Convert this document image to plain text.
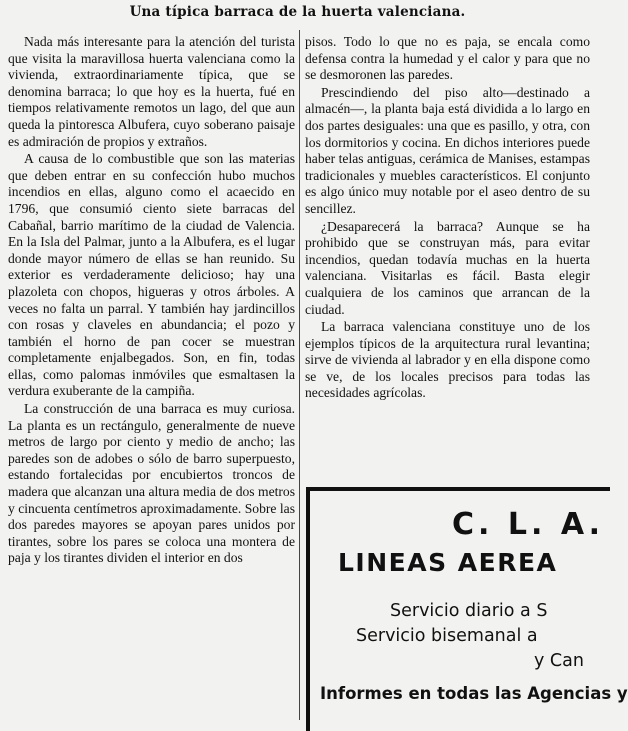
Una típica barraca de la huerta valenciana.

Nada más interesante para la atención del turista que visita la maravillosa huerta valenciana como la vivienda, extraordinariamente típica, que se denomina barraca; lo que hoy es la huerta, fué en tiempos relativamente remotos un lago, del que aun queda la pintoresca Albufera, cuyo soberano paisaje es admiración de propios y extraños.

A causa de lo combustible que son las materias que deben entrar en su confección hubo muchos incendios en ellas, alguno como el acaecido en 1796, que consumió ciento siete barracas del Cabañal, barrio marítimo de la ciudad de Valencia. En la Isla del Palmar, junto a la Albufera, es el lugar donde mayor número de ellas se han reunido. Su exterior es verdaderamente delicioso; hay una plazoleta con chopos, higueras y otros árboles. A veces no falta un parral. Y también hay jardincillos con rosas y claveles en abundancia; el pozo y también el horno de pan cocer se muestran completamente enjalbegados. Son, en fin, todas ellas, como palomas inmóviles que esmaltasen la verdura exuberante de la campiña.

La construcción de una barraca es muy curiosa. La planta es un rectángulo, generalmente de nueve metros de largo por ciento y medio de ancho; las paredes son de adobes o sólo de barro superpuesto, estando fortalecidas por encubiertos troncos de madera que alcanzan una altura media de dos metros y cincuenta centímetros aproximadamente. Sobre las dos paredes mayores se apoyan pares unidos por tirantes, sobre los pares se coloca una montera de paja y los tirantes dividen el interior en dos

pisos. Todo lo que no es paja, se encala como defensa contra la humedad y el calor y para que no se desmoronen las paredes.

Prescindiendo del piso alto—destinado a almacén—, la planta baja está dividida a lo largo en dos partes desiguales: una que es pasillo, y otra, con los dormitorios y cocina. En dichos interiores puede haber telas antiguas, cerámica de Manises, estampas tradicionales y muebles característicos. El conjunto es algo único muy notable por el aseo dentro de su sencillez.

¿Desaparecerá la barraca? Aunque se ha prohibido que se construyan más, para evitar incendios, quedan todavía muchas en la huerta valenciana. Visitarlas es fácil. Basta elegir cualquiera de los caminos que arrancan de la ciudad.

La barraca valenciana constituye uno de los ejemplos típicos de la arquitectura rural levantina; sirve de vivienda al labrador y en ella dispone como se ve, de los locales precisos para todas las necesidades agrícolas.

C. L. A.
LINEAS AEREA
Servicio diario a S
Servicio bisemanal a
y Can
Informes en todas las Agencias y
